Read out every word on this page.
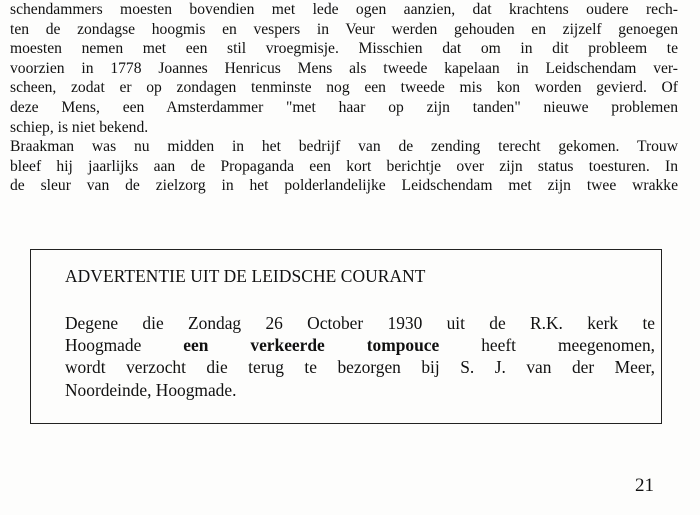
schendammers moesten bovendien met lede ogen aanzien, dat krachtens oudere rech-
ten de zondagse hoogmis en vespers in Veur werden gehouden en zijzelf genoegen
moesten nemen met een stil vroegmisje. Misschien dat om in dit probleem te
voorzien in 1778 Joannes Henricus Mens als tweede kapelaan in Leidschendam ver-
scheen, zodat er op zondagen tenminste nog een tweede mis kon worden gevierd. Of
deze Mens, een Amsterdammer "met haar op zijn tanden" nieuwe problemen
schiep, is niet bekend.
Braakman was nu midden in het bedrijf van de zending terecht gekomen. Trouw
bleef hij jaarlijks aan de Propaganda een kort berichtje over zijn status toesturen. In
de sleur van de zielzorg in het polderlandelijke Leidschendam met zijn twee wrakke
ADVERTENTIE UIT DE LEIDSCHE COURANT
Degene die Zondag 26 October 1930 uit de R.K. kerk te
Hoogmade een verkeerde tompouce heeft meegenomen,
wordt verzocht die terug te bezorgen bij S. J. van der Meer,
Noordeinde, Hoogmade.
21
